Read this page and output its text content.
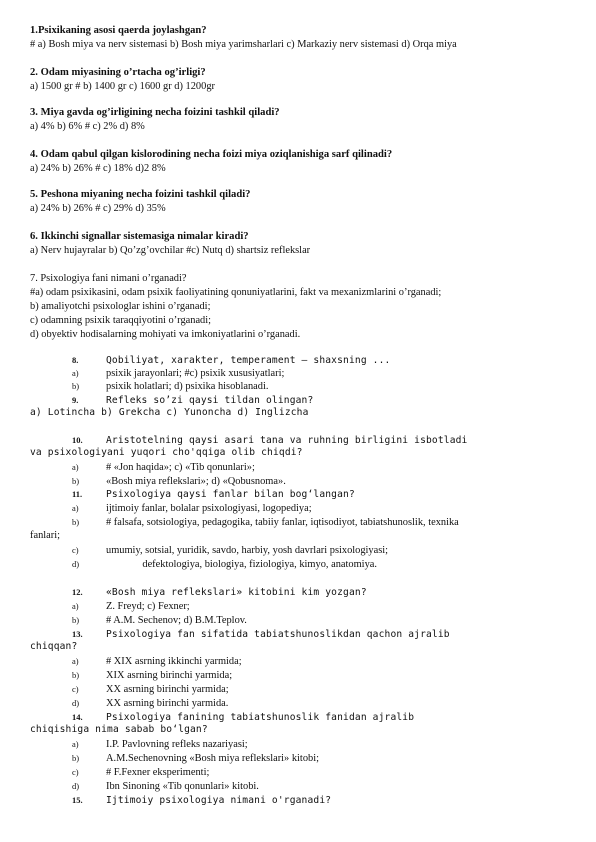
1.Psixikaning asosi qaerda joylashgan?
# a) Bosh miya va nerv sistemasi b) Bosh miya yarimsharlari c) Markaziy nerv sistemasi d) Orqa miya
2. Odam miyasining o’rtacha og’irligi?
a) 1500 gr # b) 1400 gr c) 1600 gr d) 1200gr
3. Miya gavda og’irligining necha foizini tashkil qiladi?
a) 4% b) 6% # c) 2% d) 8%
4. Odam qabul qilgan kislorodining necha foizi miya oziqlanishiga sarf qilinadi?
a) 24% b) 26% # c) 18% d)2 8%
5. Peshona miyaning necha foizini tashkil qiladi?
a) 24% b) 26% # c) 29% d) 35%
6. Ikkinchi signallar sistemasiga nimalar kiradi?
a) Nerv hujayralar b) Qo’zg’ovchilar #c) Nutq d) shartsiz reflekslar
7. Psixologiya fani nimani o’rganadi?
#a) odam psixikasini, odam psixik faoliyatining qonuniyatlarini, fakt va mexanizmlarini o’rganadi;
b) amaliyotchi psixologlar ishini o’rganadi;
c) odamning psixik taraqqiyotini o’rganadi;
d) obyektiv hodisalarning mohiyati va imkoniyatlarini o’rganadi.
8.	Qobiliyat, xarakter, temperament — shaxsning ...
a)	psixik jarayonlari; #c) psixik xususiyatlari;
b)	psixik holatlari; d) psixika hisoblanadi.
9.	Refleks so’zi qaysi tildan olingan?
a) Lotincha b) Grekcha c) Yunoncha d) Inglizcha
10.	Aristotelning qaysi asari tana va ruhning birligini isbotladi
va psixologiyani yuqori cho'qqiga olib chiqdi?
a)	# «Jon haqida»; c) «Tib qonunlari»;
b)	«Bosh miya reflekslari»; d) «Qobusnoma».
11.	Psixologiya qaysi fanlar bilan bog‘langan?
a)	ijtimoiy fanlar, bolalar psixologiyasi, logopediya;
b)	# falsafa, sotsiologiya, pedagogika, tabiiy fanlar, iqtisodiyot, tabiatshunoslik, texnika
fanlari;
c)	umumiy, sotsial, yuridik, savdo, harbiy, yosh davrlari psixologiyasi;
d)	defektologiya, biologiya, fiziologiya, kimyo, anatomiya.
12.	«Bosh miya reflekslari» kitobini kim yozgan?
a)	Z. Freyd; c) Fexner;
b)	# A.M. Sechenov; d) B.M.Teplov.
13.	Psixologiya fan sifatida tabiatshunoslikdan qachon ajralib
chiqqan?
a)	# XIX asrning ikkinchi yarmida;
b)	XIX asrning birinchi yarmida;
c)	XX asrning birinchi yarmida;
d)	XX asrning birinchi yarmida.
14.	Psixologiya fanining tabiatshunoslik fanidan ajralib
chiqishiga nima sabab bo‘lgan?
a)	I.P. Pavlovning refleks nazariyasi;
b)	A.M.Sechenovning «Bosh miya reflekslari» kitobi;
c)	# F.Fexner eksperimenti;
d)	Ibn Sinoning «Tib qonunlari» kitobi.
15.	Ijtimoiy psixologiya nimani o'rganadi?
